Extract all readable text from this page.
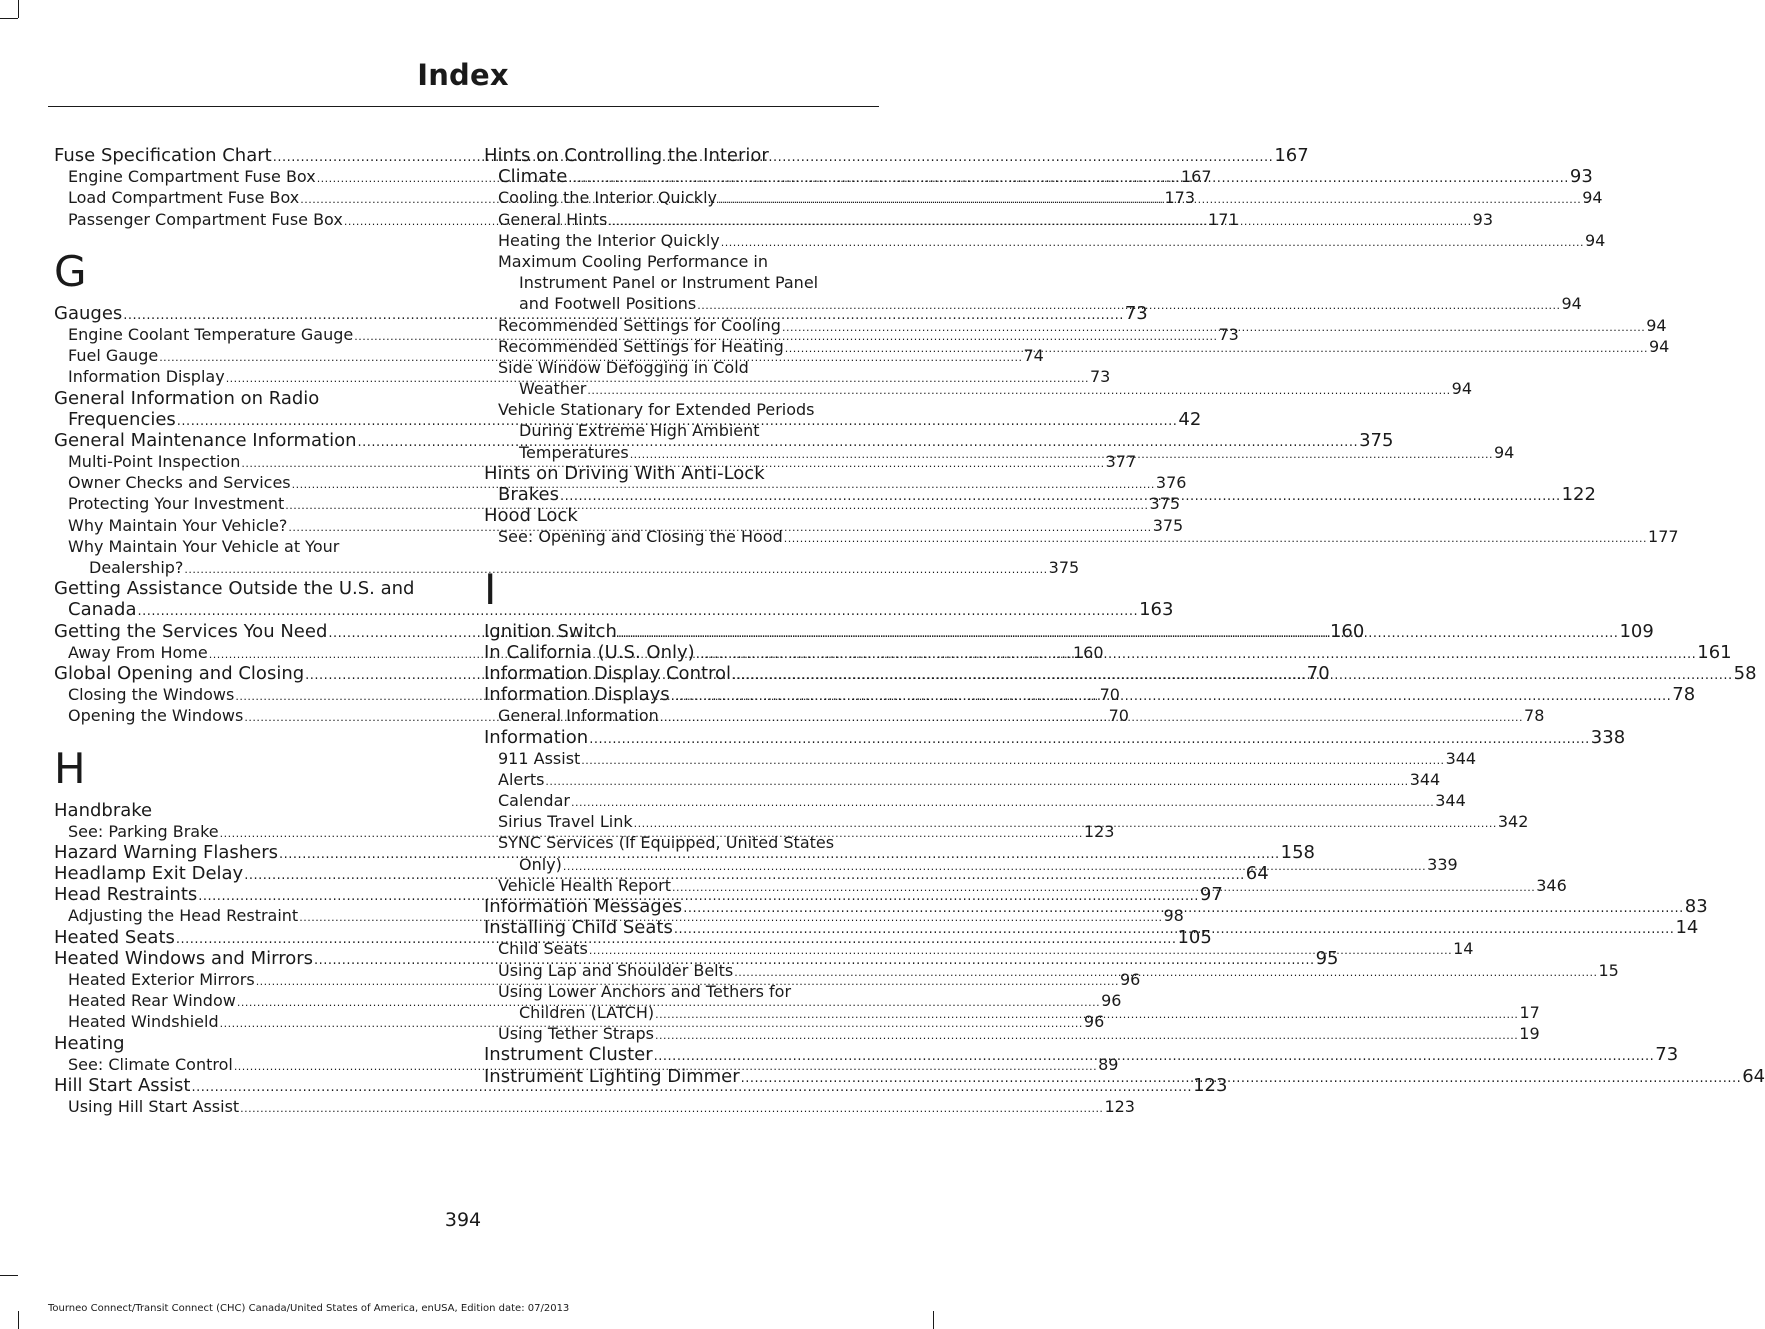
Index
Fuse Specification Chart .....	167
Engine Compartment Fuse Box .....	167
Load Compartment Fuse Box .....	173
Passenger Compartment Fuse Box .....	171
G
Gauges .....	73
Engine Coolant Temperature Gauge .....	73
Fuel Gauge .....	74
Information Display .....	73
General Information on Radio
Frequencies .....	42
General Maintenance Information .....	375
Multi-Point Inspection .....	377
Owner Checks and Services .....	376
Protecting Your Investment .....	375
Why Maintain Your Vehicle? .....	375
Why Maintain Your Vehicle at Your
Dealership? .....	375
Getting Assistance Outside the U.S. and
Canada .....	163
Getting the Services You Need .....	160
Away From Home .....	160
Global Opening and Closing .....	70
Closing the Windows .....	70
Opening the Windows .....	70
H
Handbrake
See: Parking Brake .....	123
Hazard Warning Flashers .....	158
Headlamp Exit Delay .....	64
Head Restraints .....	97
Adjusting the Head Restraint .....	98
Heated Seats .....	105
Heated Windows and Mirrors .....	95
Heated Exterior Mirrors .....	96
Heated Rear Window .....	96
Heated Windshield .....	96
Heating
See: Climate Control .....	89
Hill Start Assist .....	123
Using Hill Start Assist .....	123
Hints on Controlling the Interior
Climate .....	93
Cooling the Interior Quickly .....	94
General Hints .....	93
Heating the Interior Quickly .....	94
Maximum Cooling Performance in
Instrument Panel or Instrument Panel
and Footwell Positions .....	94
Recommended Settings for Cooling .....	94
Recommended Settings for Heating .....	94
Side Window Defogging in Cold
Weather .....	94
Vehicle Stationary for Extended Periods
During Extreme High Ambient
Temperatures .....	94
Hints on Driving With Anti-Lock
Brakes .....	122
Hood Lock
See: Opening and Closing the Hood .....	177
I
Ignition Switch .....	109
In California (U.S. Only) .....	161
Information Display Control .....	58
Information Displays .....	78
General Information .....	78
Information .....	338
911 Assist .....	344
Alerts .....	344
Calendar .....	344
Sirius Travel Link .....	342
SYNC Services (If Equipped, United States
Only) .....	339
Vehicle Health Report .....	346
Information Messages .....	83
Installing Child Seats .....	14
Child Seats .....	14
Using Lap and Shoulder Belts .....	15
Using Lower Anchors and Tethers for
Children (LATCH) .....	17
Using Tether Straps .....	19
Instrument Cluster .....	73
Instrument Lighting Dimmer .....	64
394
Tourneo Connect/Transit Connect (CHC) Canada/United States of America, enUSA, Edition date: 07/2013
